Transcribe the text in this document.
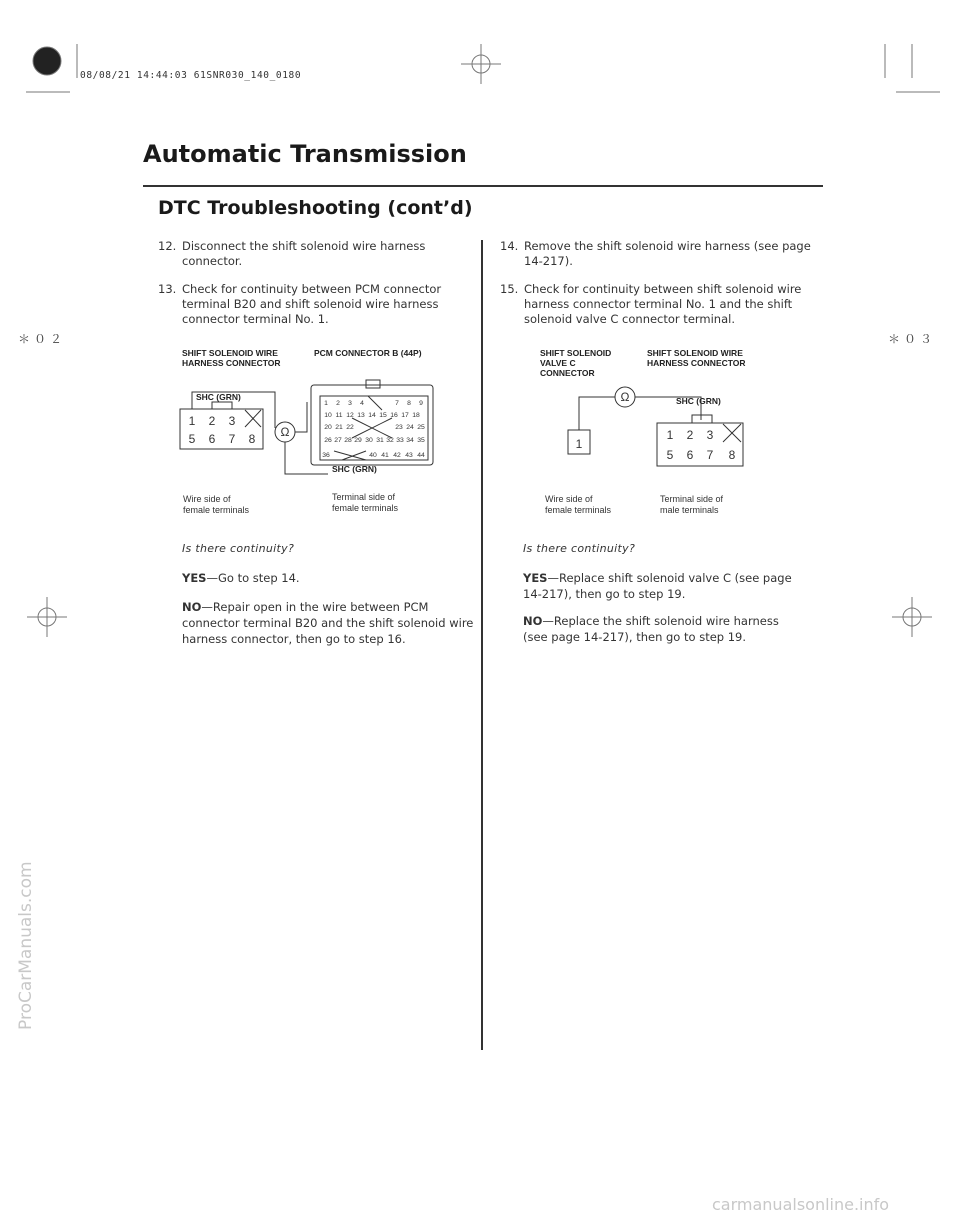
08/08/21 14:44:03 61SNR030_140_0180
＊０２	＊０３
Automatic Transmission
DTC Troubleshooting (cont’d)
12. Disconnect the shift solenoid wire harness
connector.
13. Check for continuity between PCM connector
terminal B20 and shift solenoid wire harness
connector terminal No. 1.
SHIFT SOLENOID WIRE
HARNESS CONNECTOR
PCM CONNECTOR B (44P)
SHC (GRN)
SHC (GRN)
1 2 3
5 6 7 8 Ω
1 2 3 4	7 8 9
10 11 12 13 14 15 16 17 18
20 21 22	23 24 25
26 27 28 29 30 31 32 33 34 35
36	40 41 42 43 44
Wire side of
female terminals
Terminal side of
female terminals
Is there continuity?
YES—Go to step 14.
NO—Repair open in the wire between PCM
connector terminal B20 and the shift solenoid wire
harness connector, then go to step 16.
14. Remove the shift solenoid wire harness (see page
14-217).
15. Check for continuity between shift solenoid wire
harness connector terminal No. 1 and the shift
solenoid valve C connector terminal.
SHIFT SOLENOID
VALVE C
CONNECTOR
SHIFT SOLENOID WIRE
HARNESS CONNECTOR
SHC (GRN)
Ω
1
1 2 3
5 6 7 8
Wire side of
female terminals
Terminal side of
male terminals
Is there continuity?
YES—Replace shift solenoid valve C (see page
14-217), then go to step 19.
NO—Replace the shift solenoid wire harness
(see page 14-217), then go to step 19.
ProCarManuals.com
carmanualsonline.info
